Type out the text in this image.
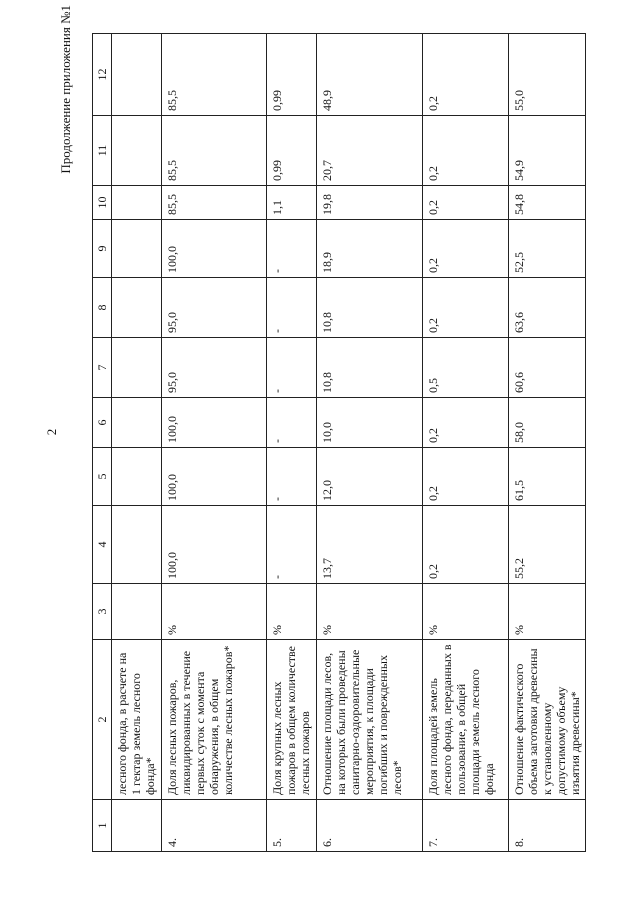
2
Продолжение приложения №1
1	2	3	4	5	6	7	8	9	10	11	12
	лесного фонда, в расчете на 1 гектар земель лесного фонда*										
4.	Доля лесных пожаров, ликвидированных в течение первых суток с момента обнаружения, в общем количестве лесных пожаров*	%	100,0	100,0	100,0	95,0	95,0	100,0	85,5	85,5	85,5
5.	Доля крупных лесных пожаров в общем количестве лесных пожаров	%	-	-	-	-	-	-	1,1	0,99	0,99
6.	Отношение площади лесов, на которых были проведены санитарно-оздоровительные мероприятия, к площади погибших и поврежденных лесов*	%	13,7	12,0	10,0	10,8	10,8	18,9	19,8	20,7	48,9
7.	Доля площадей земель лесного фонда, переданных в пользование, в общей площади земель лесного фонда	%	0,2	0,2	0,2	0,5	0,2	0,2	0,2	0,2	0,2
8.	Отношение фактического объема заготовки древесины к установленному допустимому объему изъятия древесины*	%	55,2	61,5	58,0	60,6	63,6	52,5	54,8	54,9	55,0
